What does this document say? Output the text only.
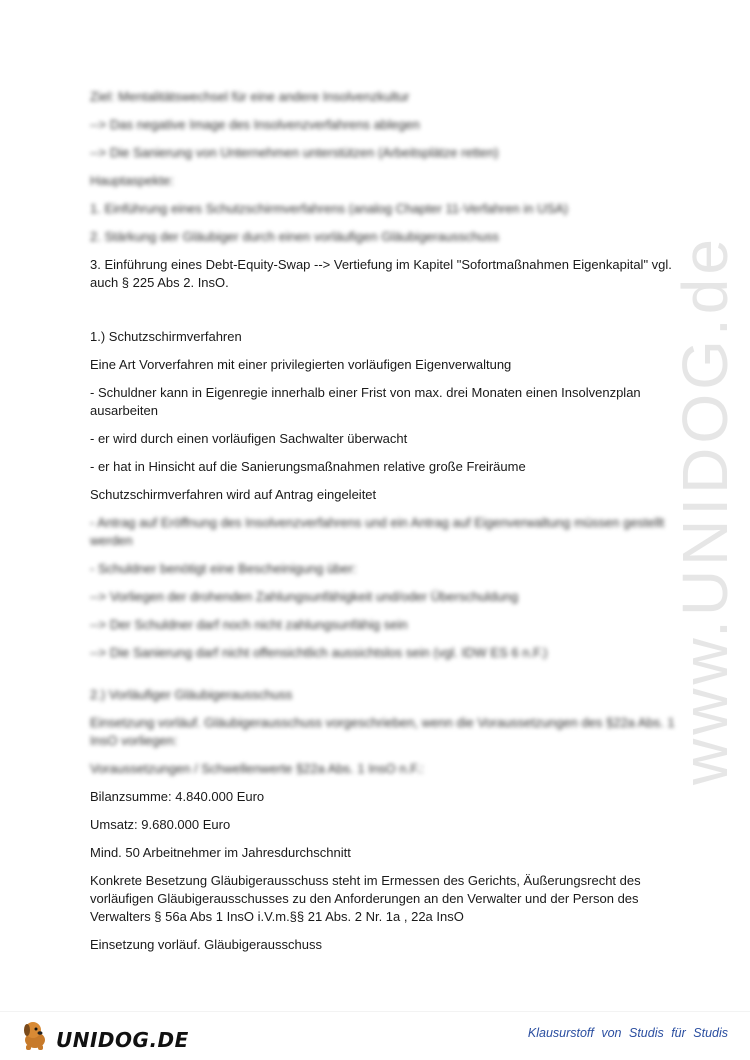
Ziel: Mentalitätswechsel für eine andere Insolvenzkultur
--> Das negative Image des Insolvenzverfahrens ablegen
--> Die Sanierung von Unternehmen unterstützen (Arbeitsplätze retten)
Hauptaspekte:
1. Einführung eines Schutzschirmverfahrens (analog Chapter 11-Verfahren in USA)
2. Stärkung der Gläubiger durch einen vorläufigen Gläubigerausschuss
3. Einführung eines Debt-Equity-Swap --> Vertiefung im Kapitel "Sofortmaßnahmen Eigenkapital" vgl. auch § 225 Abs 2. InsO.
1.) Schutzschirmverfahren
Eine Art Vorverfahren mit einer privilegierten vorläufigen Eigenverwaltung
- Schuldner kann in Eigenregie innerhalb einer Frist von max. drei Monaten einen Insolvenzplan ausarbeiten
- er wird durch einen vorläufigen Sachwalter überwacht
- er hat in Hinsicht auf die Sanierungsmaßnahmen relative große Freiräume
Schutzschirmverfahren wird auf Antrag eingeleitet
- Antrag auf Eröffnung des Insolvenzverfahrens und ein Antrag auf Eigenverwaltung müssen gestellt werden
- Schuldner benötigt eine Bescheinigung über:
--> Vorliegen der drohenden Zahlungsunfähigkeit und/oder Überschuldung
--> Der Schuldner darf noch nicht zahlungsunfähig sein
--> Die Sanierung darf nicht offensichtlich aussichtslos sein (vgl. IDW ES 6 n.F.)
2.) Vorläufiger Gläubigerausschuss
Einsetzung vorläuf. Gläubigerausschuss vorgeschrieben, wenn die Voraussetzungen des §22a Abs. 1 InsO vorliegen:
Voraussetzungen / Schwellenwerte §22a Abs. 1 InsO n.F.:
Bilanzsumme: 4.840.000 Euro
Umsatz: 9.680.000 Euro
Mind. 50 Arbeitnehmer im Jahresdurchschnitt
Konkrete Besetzung Gläubigerausschuss steht im Ermessen des Gerichts, Äußerungsrecht des vorläufigen Gläubigerausschusses zu den Anforderungen an den Verwalter und der Person des Verwalters § 56a Abs 1 InsO i.V.m.§§ 21 Abs. 2 Nr. 1a , 22a InsO
Einsetzung vorläuf. Gläubigerausschuss
www.UNIDOG.de
UNIDOG.DE	Klausurstoff von Studis für Studis
